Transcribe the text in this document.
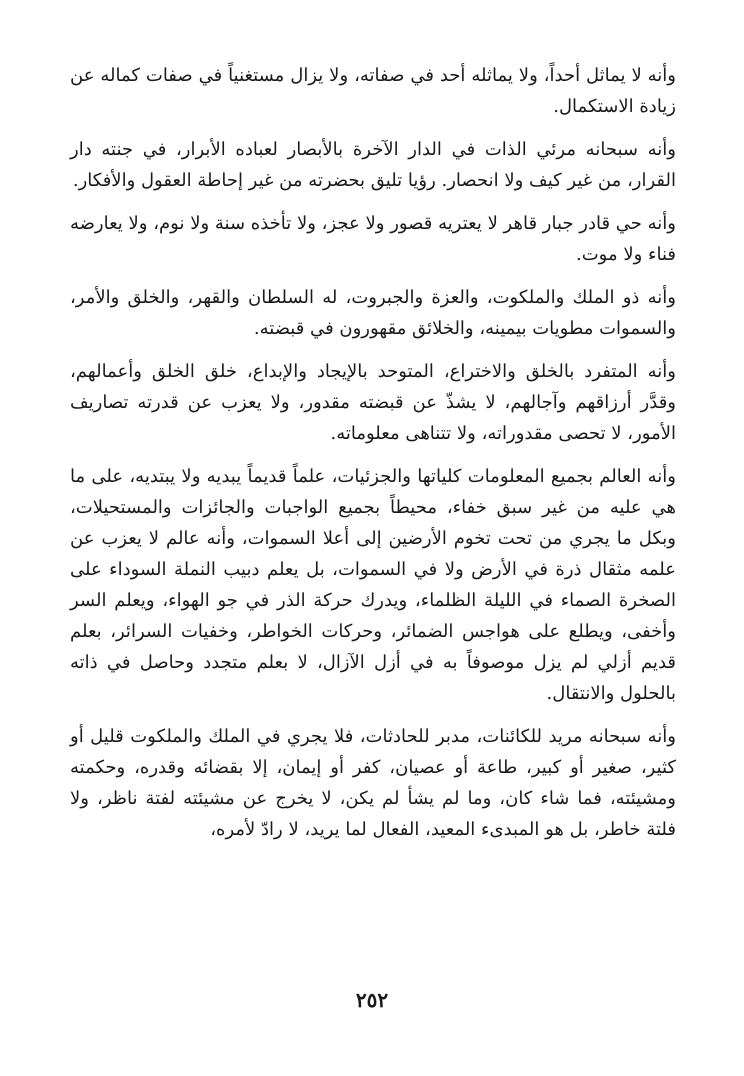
وأنه لا يماثل أحداً، ولا يماثله أحد في صفاته، ولا يزال مستغنياً في صفات كماله عن زيادة الاستكمال.

وأنه سبحانه مرئي الذات في الدار الآخرة بالأبصار لعباده الأبرار، في جنته دار القرار، من غير كيف ولا انحصار. رؤيا تليق بحضرته من غير إحاطة العقول والأفكار.

وأنه حي قادر جبار قاهر لا يعتريه قصور ولا عجز، ولا تأخذه سنة ولا نوم، ولا يعارضه فناء ولا موت.

وأنه ذو الملك والملكوت، والعزة والجبروت، له السلطان والقهر، والخلق والأمر، والسموات مطويات بيمينه، والخلائق مقهورون في قبضته.

وأنه المتفرد بالخلق والاختراع، المتوحد بالإيجاد والإبداع، خلق الخلق وأعمالهم، وقدَّر أرزاقهم وآجالهم، لا يشذّ عن قبضته مقدور، ولا يعزب عن قدرته تصاريف الأمور، لا تحصى مقدوراته، ولا تتناهى معلوماته.

وأنه العالم بجميع المعلومات كلياتها والجزئيات، علماً قديماً يبديه ولا يبتديه، على ما هي عليه من غير سبق خفاء، محيطاً بجميع الواجبات والجائزات والمستحيلات، وبكل ما يجري من تحت تخوم الأرضين إلى أعلا السموات، وأنه عالم لا يعزب عن علمه مثقال ذرة في الأرض ولا في السموات، بل يعلم دبيب النملة السوداء على الصخرة الصماء في الليلة الظلماء، ويدرك حركة الذر في جو الهواء، ويعلم السر وأخفى، ويطلع على هواجس الضمائر، وحركات الخواطر، وخفيات السرائر، بعلم قديم أزلي لم يزل موصوفاً به في أزل الآزال، لا بعلم متجدد وحاصل في ذاته بالحلول والانتقال.

وأنه سبحانه مريد للكائنات، مدبر للحادثات، فلا يجري في الملك والملكوت قليل أو كثير، صغير أو كبير، طاعة أو عصيان، كفر أو إيمان، إلا بقضائه وقدره، وحكمته ومشيئته، فما شاء كان، وما لم يشأ لم يكن، لا يخرج عن مشيئته لفتة ناظر، ولا فلتة خاطر، بل هو المبدىء المعيد، الفعال لما يريد، لا رادّ لأمره،

٢٥٢
